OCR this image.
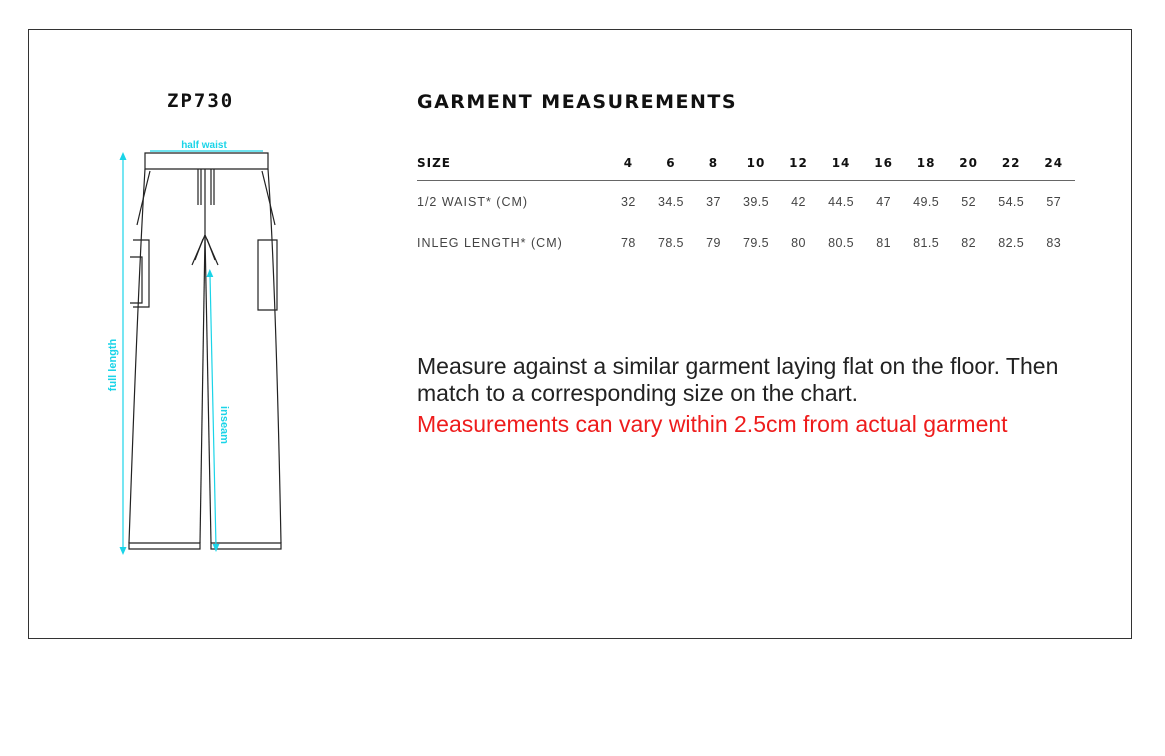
ZP730	GARMENT MEASUREMENTS
half waist
full length
inseam
SIZE	4	6	8	10	12	14	16	18	20	22	24
1/2 WAIST* (CM)	32	34.5	37	39.5	42	44.5	47	49.5	52	54.5	57
INLEG LENGTH* (CM)	78	78.5	79	79.5	80	80.5	81	81.5	82	82.5	83
Measure against a similar garment laying flat on the floor. Then match to a corresponding size on the chart.
Measurements can vary within 2.5cm from actual garment
